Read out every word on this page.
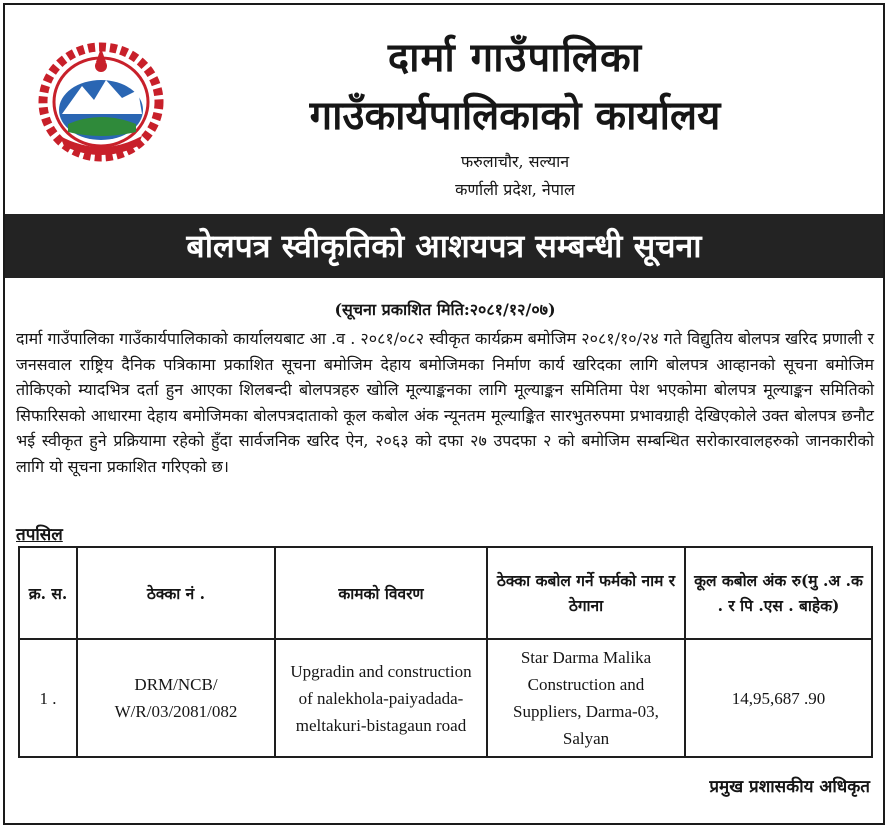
दार्मा गाउँपालिका
गाउँकार्यपालिकाको कार्यालय
फरुलाचौर, सल्यान
कर्णाली प्रदेश, नेपाल
बोलपत्र स्वीकृतिको आशयपत्र सम्बन्धी सूचना
(सूचना प्रकाशित मिति:२०८१/१२/०७)
दार्मा गाउँपालिका गाउँकार्यपालिकाको कार्यालयबाट आ .व . २०८१/०८२ स्वीकृत कार्यक्रम बमोजिम २०८१/१०/२४ गते विद्युतिय बोलपत्र खरिद प्रणाली र जनसवाल राष्ट्रिय दैनिक पत्रिकामा प्रकाशित सूचना बमोजिम देहाय बमोजिमका निर्माण कार्य खरिदका लागि बोलपत्र आव्हानको सूचना बमोजिम तोकिएको म्यादभित्र दर्ता हुन आएका शिलबन्दी बोलपत्रहरु खोलि मूल्याङ्कनका लागि मूल्याङ्कन समितिमा पेश भएकोमा बोलपत्र मूल्याङ्कन समितिको सिफारिसको आधारमा देहाय बमोजिमका बोलपत्रदाताको कूल कबोल अंक न्यूनतम मूल्याङ्कित सारभुतरुपमा प्रभावग्राही देखिएकोले उक्त बोलपत्र छनौट भई स्वीकृत हुने प्रक्रियामा रहेको हुँदा सार्वजनिक खरिद ऐन, २०६३ को दफा २७ उपदफा २ को बमोजिम सम्बन्धित सरोकारवालहरुको जानकारीको लागि यो सूचना प्रकाशित गरिएको छ।
तपसिल
क्र. स.	ठेक्का नं .	कामको विवरण	ठेक्का कबोल गर्ने फर्मको नाम र ठेगाना	कूल कबोल अंक रु(मु .अ .क . र पि .एस . बाहेक)
1 .	DRM/NCB/ W/R/03/2081/082	Upgradin and construction of nalekhola-paiyadada-meltakuri-bistagaun road	Star Darma Malika Construction and Suppliers, Darma-03, Salyan	14,95,687 .90
प्रमुख प्रशासकीय अधिकृत
